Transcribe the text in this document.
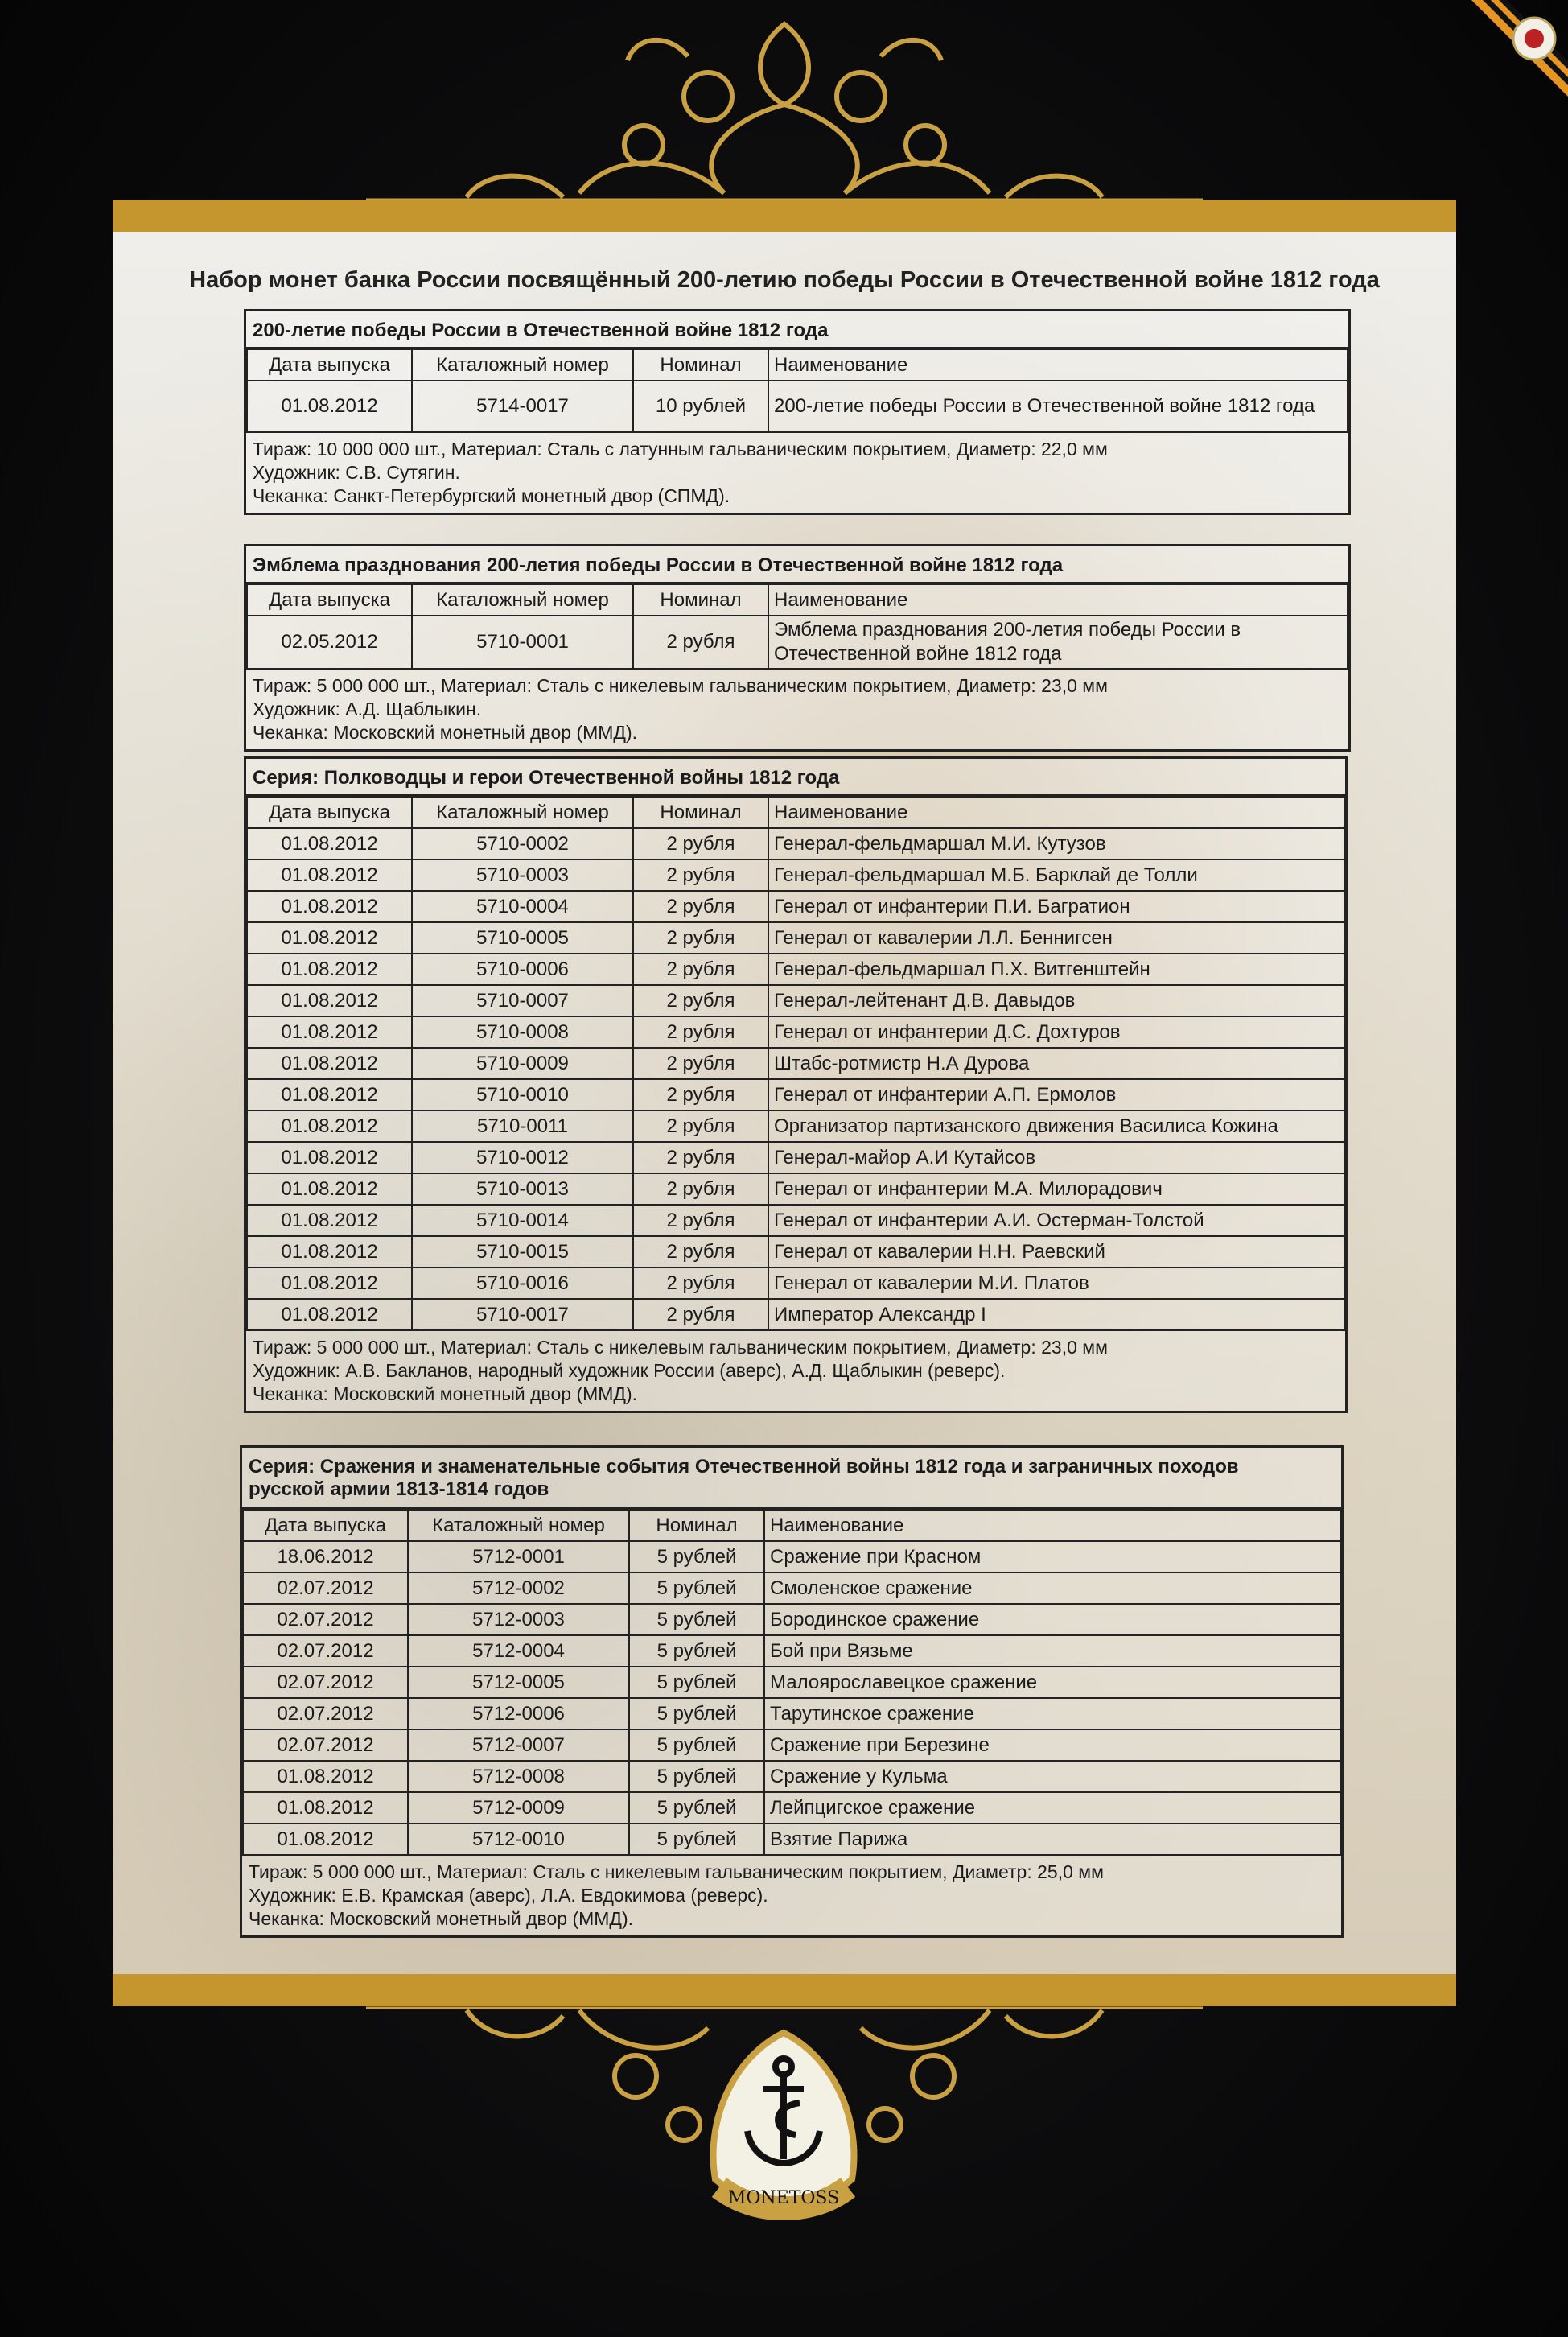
Набор монет банка России посвящённый 200-летию победы России в Отечественной войне 1812 года
200-летие победы России в Отечественной войне 1812 года
Дата выпуска	Каталожный номер	Номинал	Наименование
01.08.2012	5714-0017	10 рублей	200-летие победы России в Отечественной войне 1812 года
Тираж: 10 000 000 шт., Материал: Сталь с латунным гальваническим покрытием, Диаметр: 22,0 мм
Художник: С.В. Сутягин.
Чеканка: Санкт-Петербургский монетный двор (СПМД).
Эмблема празднования 200-летия победы России в Отечественной войне 1812 года
Дата выпуска	Каталожный номер	Номинал	Наименование
02.05.2012	5710-0001	2 рубля	Эмблема празднования 200-летия победы России в Отечественной войне 1812 года
Тираж: 5 000 000 шт., Материал: Сталь с никелевым гальваническим покрытием, Диаметр: 23,0 мм
Художник: А.Д. Щаблыкин.
Чеканка: Московский монетный двор (ММД).
Серия: Полководцы и герои Отечественной войны 1812 года
Дата выпуска	Каталожный номер	Номинал	Наименование
01.08.2012	5710-0002	2 рубля	Генерал-фельдмаршал М.И. Кутузов
01.08.2012	5710-0003	2 рубля	Генерал-фельдмаршал М.Б. Барклай де Толли
01.08.2012	5710-0004	2 рубля	Генерал от инфантерии П.И. Багратион
01.08.2012	5710-0005	2 рубля	Генерал от кавалерии Л.Л. Беннигсен
01.08.2012	5710-0006	2 рубля	Генерал-фельдмаршал П.Х. Витгенштейн
01.08.2012	5710-0007	2 рубля	Генерал-лейтенант Д.В. Давыдов
01.08.2012	5710-0008	2 рубля	Генерал от инфантерии Д.С. Дохтуров
01.08.2012	5710-0009	2 рубля	Штабс-ротмистр Н.А Дурова
01.08.2012	5710-0010	2 рубля	Генерал от инфантерии А.П. Ермолов
01.08.2012	5710-0011	2 рубля	Организатор партизанского движения Василиса Кожина
01.08.2012	5710-0012	2 рубля	Генерал-майор А.И Кутайсов
01.08.2012	5710-0013	2 рубля	Генерал от инфантерии М.А. Милорадович
01.08.2012	5710-0014	2 рубля	Генерал от инфантерии А.И. Остерман-Толстой
01.08.2012	5710-0015	2 рубля	Генерал от кавалерии Н.Н. Раевский
01.08.2012	5710-0016	2 рубля	Генерал от кавалерии М.И. Платов
01.08.2012	5710-0017	2 рубля	Император Александр I
Тираж: 5 000 000 шт., Материал: Сталь с никелевым гальваническим покрытием, Диаметр: 23,0 мм
Художник: А.В. Бакланов, народный художник России (аверс), А.Д. Щаблыкин (реверс).
Чеканка: Московский монетный двор (ММД).
Серия: Сражения и знаменательные события Отечественной войны 1812 года и заграничных походов
русской армии 1813-1814 годов
Дата выпуска	Каталожный номер	Номинал	Наименование
18.06.2012	5712-0001	5 рублей	Сражение при Красном
02.07.2012	5712-0002	5 рублей	Смоленское сражение
02.07.2012	5712-0003	5 рублей	Бородинское сражение
02.07.2012	5712-0004	5 рублей	Бой при Вязьме
02.07.2012	5712-0005	5 рублей	Малоярославецкое сражение
02.07.2012	5712-0006	5 рублей	Тарутинское сражение
02.07.2012	5712-0007	5 рублей	Сражение при Березине
01.08.2012	5712-0008	5 рублей	Сражение у Кульма
01.08.2012	5712-0009	5 рублей	Лейпцигское сражение
01.08.2012	5712-0010	5 рублей	Взятие Парижа
Тираж: 5 000 000 шт., Материал: Сталь с никелевым гальваническим покрытием, Диаметр: 25,0 мм
Художник: Е.В. Крамская (аверс), Л.А. Евдокимова (реверс).
Чеканка: Московский монетный двор (ММД).
MONETOSS
